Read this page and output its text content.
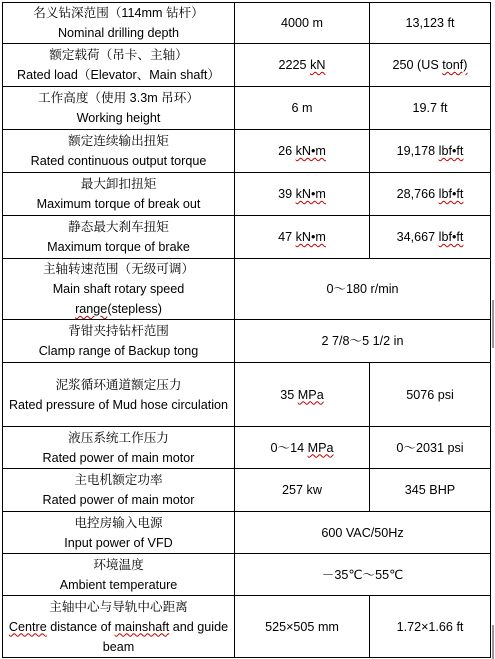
名义钻深范围（114mm 钻杆）
Nominal drilling depth	4000 m	13,123 ft

额定载荷（吊卡、主轴）
Rated load（Elevator、Main shaft）	2225 kN	250 (US tonf)

工作高度（使用 3.3m 吊环）
Working height	6 m	19.7 ft

额定连续输出扭矩
Rated continuous output torque	26 kN•m	19,178 lbf•ft

最大卸扣扭矩
Maximum torque of break out	39 kN•m	28,766 lbf•ft

静态最大刹车扭矩
Maximum torque of brake	47 kN•m	34,667 lbf•ft

主轴转速范围（无级可调）
Main shaft rotary speed
range(stepless)	0～180 r/min	

背钳夹持钻杆范围
Clamp range of Backup tong	2 7/8～5 1/2 in	

泥浆循环通道额定压力
Rated pressure of Mud hose circulation	35 MPa	5076 psi

液压系统工作压力
Rated power of main motor	0～14 MPa	0～2031 psi

主电机额定功率
Rated power of main motor	257 kw	345 BHP

电控房输入电源
Input power of VFD	600 VAC/50Hz	

环境温度
Ambient temperature	－35℃～55℃	

主轴中心与导轨中心距离
Centre distance of mainshaft and guide beam	525×505 mm	1.72×1.66 ft
